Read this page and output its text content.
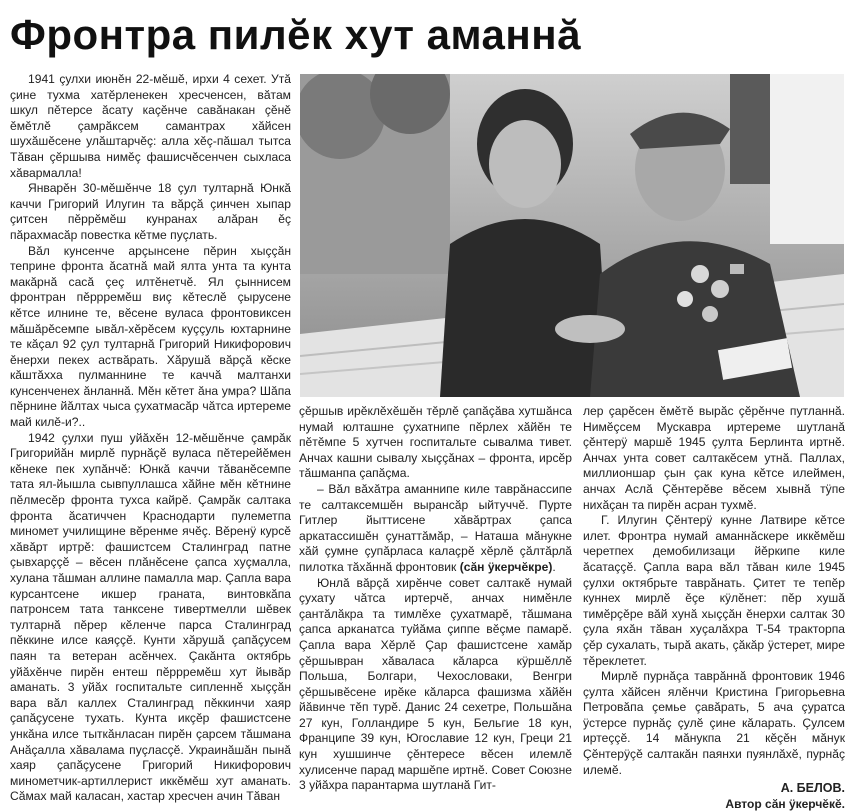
Фронтра пилĕк хут аманнă

1941 çулхи июнĕн 22-мĕшĕ, ирхи 4 сехет. Утă çине тухма хатĕрленекен хресченсен, вăтам шкул пĕтерсе ăсату каçĕнче савăнакан çĕнĕ ĕмĕтлĕ çамрăксем самантрах хăйсен шухăшĕсене улăштарчĕç: алла хĕç-пăшал тытса Тăван çĕршыва нимĕç фашисчĕсенчен сыхласа хăвармалла!

Январĕн 30-мĕшĕнче 18 çул тултарнă Юнкă каччи Григорий Илугин та вăрçă çинчен хыпар çитсен пĕррĕмĕш кунранах алăран ĕç пăрахмасăр повестка кĕтме пуçлать.

Вăл кунсенче арçынсене пĕрин хыççăн теприне фронта ăсатнă май ялта унта та кунта макăрнă сасă çеç илтĕнетчĕ. Ял çыннисем фронтран пĕррремĕш виç кĕтеслĕ çырусене кĕтсе илнине те, вĕсене вуласа фронтовиксен мăшăрĕсемпе ывăл-хĕрĕсем куççуль юхтарнине те кăçал 92 çул тултарнă Григорий Никифорович ĕнерхи пекех аствăрать. Хăрушă вăрçă кĕске кăштăхха пулманнине те каччă малтанхи кунсенченех ăнланнă. Мĕн кĕтет ăна умра? Шăпа пĕрнине йăлтах чыса çухатмасăр чăтса иртереме май килĕ-и?..

1942 çулхи пуш уйăхĕн 12-мĕшĕнче çамрăк Григорийăн мирлĕ пурнăçĕ вуласа пĕтерейĕмен кĕнеке пек хупăнчĕ: Юнкă каччи тăванĕсемпе тата ял-йышла сывпуллашса хăйне мĕн кĕтнине пĕлмесĕр фронта тухса кайрĕ. Çамрăк салтака фронта ăсатиччен Краснодарти пулеметпа миномет училищине вĕренме ячĕç. Вĕренÿ курсĕ хăвăрт иртрĕ: фашистсем Сталинград патне çывхарççĕ – вĕсен плăнĕсене çапса хуçмалла, хулана тăшман аллине памалла мар. Çапла вара курсантсене икшер граната, винтовкăпа патронсем тата танксене тивертмелли шĕвек тултарнă пĕрер кĕленче парса Сталинград пĕккине илсе каяççĕ. Кунти хăрушă çапăçусем паян та ветеран асĕнчех. Çакăнта октябрь уйăхĕнче пирĕн ентеш пĕррремĕш хут йывăр аманать. 3 уйăх госпитальте сипленнĕ хыççăн вара вăл каллех Сталинград пĕккинчи хаяр çапăçусене тухать. Кунта икçĕр фашистсене ункăна илсе тыткăнласан пирĕн çарсем тăшмана Анăçалла хăвалама пуçласçĕ. Украинăшăн пынă хаяр çапăçусене Григорий Никифорович минометчик-артиллерист иккĕмĕш хут аманать. Сăмах май каласан, хастар хресчен ачин Тăван

çĕршыв ирĕклĕхĕшĕн тĕрлĕ çапăçăва хутшăнса нумай юлташне çухатнипе пĕрлех хăйĕн те пĕтĕмпе 5 хутчен госпитальте сывалма тивет. Анчах кашни сывалу хыççăнах – фронта, ирсĕр тăшманпа çапăçма.

– Вăл вăхăтра аманнипе киле таврăнассипе те салтаксемшĕн вырансăр ыйтуччĕ. Пурте Гитлер йыттисене хăвăртрах çапса аркатассишĕн çунаттăмăр, – Наташа мăнукне хăй çумне çупăрласа калаçрĕ хĕрлĕ çăлтăрлă пилотка тăхăннă фронтовик (сăн ÿкерчĕкре).

Юнлă вăрçă хирĕнче совет салтакĕ нумай çухату чăтса иртерчĕ, анчах нимĕнле çантăлăкра та тимлĕхе çухатмарĕ, тăшмана çапса арканатса туйăма çиппе вĕçме памарĕ. Çапла вара Хĕрлĕ Çар фашистсене хамăр çĕршывран хăваласа кăларса кÿршĕллĕ Польша, Болгари, Чехословаки, Венгри çĕршывĕсене ирĕке кăларса фашизма хăйĕн йăвинче тĕп турĕ. Данис 24 сехетре, Польшăна 27 кун, Голландире 5 кун, Бельгие 18 кун, Франципе 39 кун, Югославие 12 кун, Греци 21 кун хушшинче çĕнтересе вĕсен илемлĕ хулисенче парад маршĕпе иртнĕ. Совет Союзне 3 уйăхра парантарма шутланă Гит-

лер çарĕсен ĕмĕтĕ вырăс çĕрĕнче путланнă. Нимĕçсем Мускавра иртереме шутланă çĕнтерÿ маршĕ 1945 çулта Берлинта иртнĕ. Анчах унта совет салтакĕсем утнă. Паллах, миллионшар çын çак куна кĕтсе илеймен, анчах Аслă Çĕнтерĕве вĕсем хывнă тÿпе нихăçан та пирĕн асран тухмĕ.

Г. Илугин Çĕнтерÿ кунне Латвире кĕтсе илет. Фронтра нумай аманнăскере иккĕмĕш черетпех демобилизаци йĕркипе киле ăсатаççĕ. Çапла вара вăл тăван киле 1945 çулхи октябрьте таврăнать. Çитет те тепĕр куннех мирлĕ ĕçе кÿлĕнет: пĕр хушă тимĕрçĕре вăй хунă хыççăн ĕнерхи салтак 30 çула яхăн тăван хуçалăхра Т-54 тракторпа çĕр сухалать, тырă акать, çăкăр ÿстерет, мире тĕреклетет.

Мирлĕ пурнăçа таврăннă фронтовик 1946 çулта хăйсен ялĕнчи Кристина Григорьевна Петровăпа çемье çавăрать, 5 ача çуратса ÿстерсе пурнăç çулĕ çине кăларать. Çулсем иртеççĕ. 14 мăнукпа 21 кĕçĕн мăнук Çĕнтерÿçĕ салтакăн паянхи пуянлăхĕ, пурнăç илемĕ.

А. БЕЛОВ.
Автор сăн ÿкерчĕкĕ.
